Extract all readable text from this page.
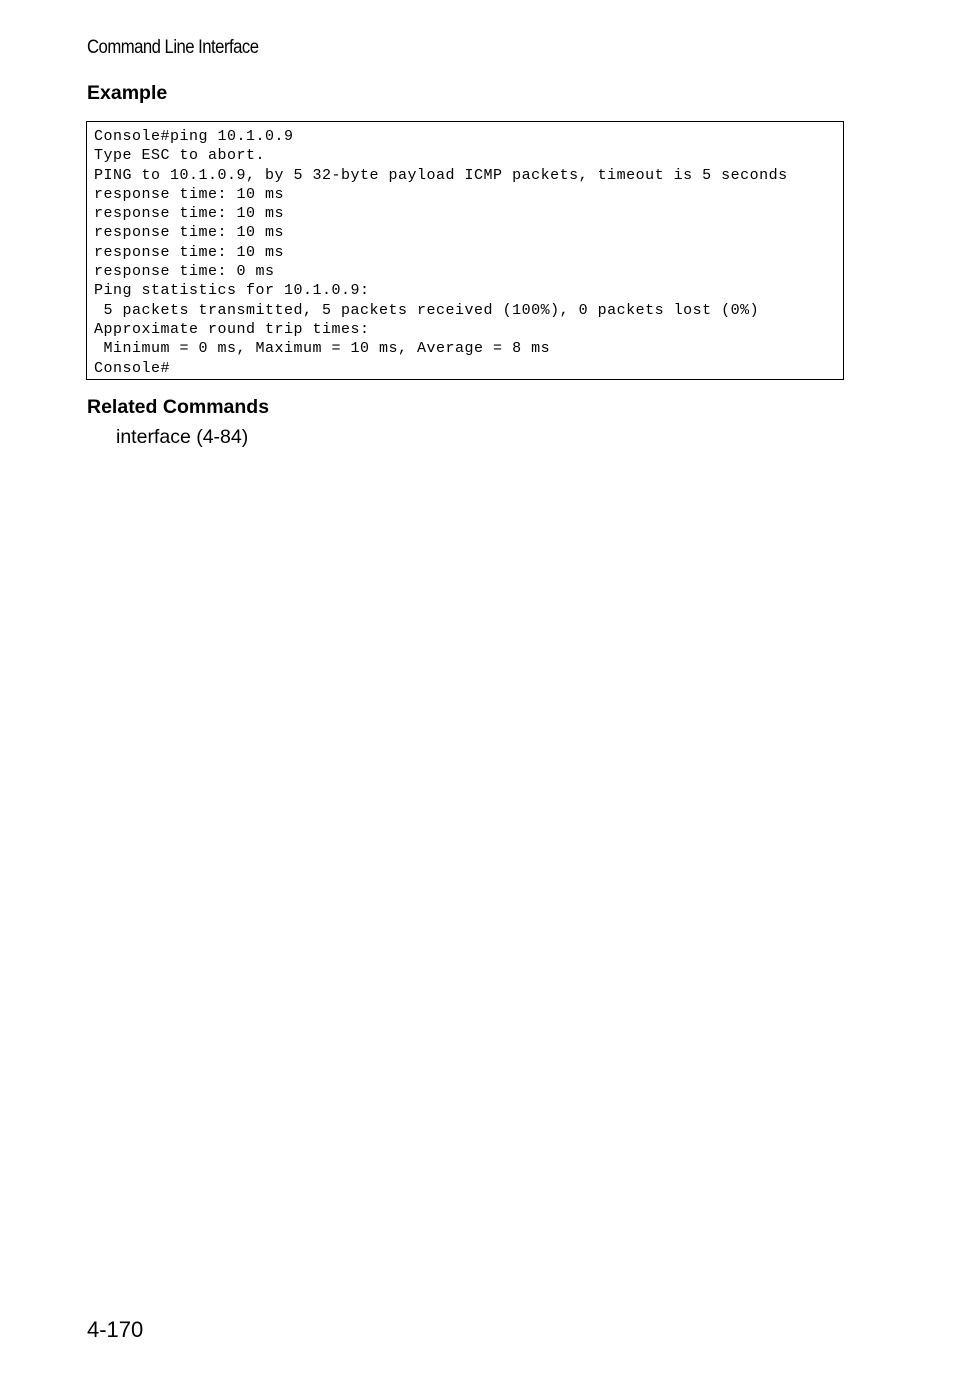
Command Line Interface
Example
Console#ping 10.1.0.9
Type ESC to abort.
PING to 10.1.0.9, by 5 32-byte payload ICMP packets, timeout is 5 seconds
response time: 10 ms
response time: 10 ms
response time: 10 ms
response time: 10 ms
response time: 0 ms
Ping statistics for 10.1.0.9:
5 packets transmitted, 5 packets received (100%), 0 packets lost (0%)
Approximate round trip times:
Minimum = 0 ms, Maximum = 10 ms, Average = 8 ms
Console#
Related Commands
interface (4-84)
4-170
